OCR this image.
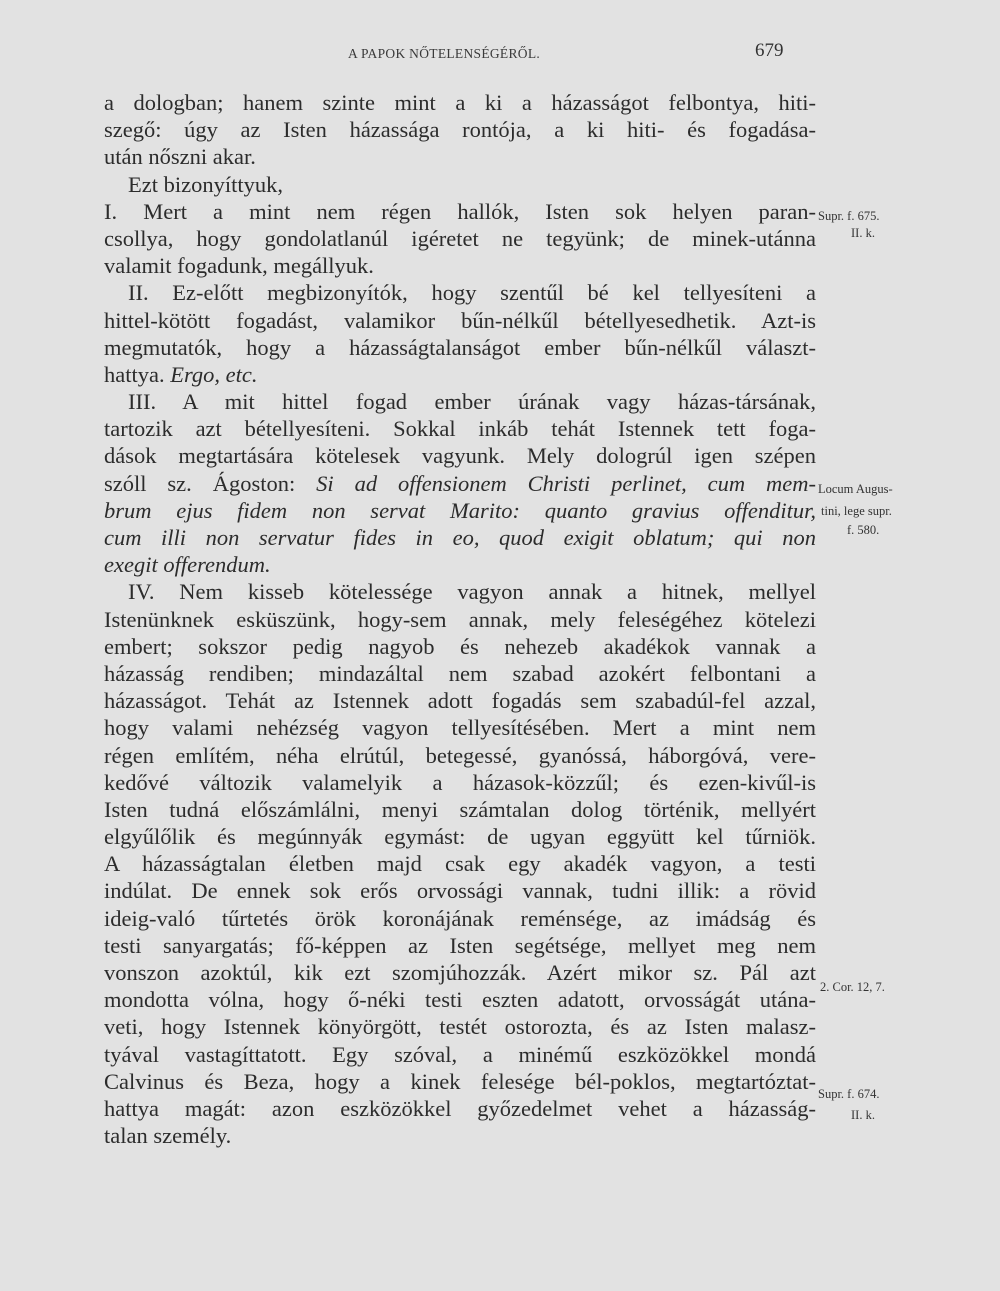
A PAPOK NŐTELENSÉGÉRŐL.	679
a dologban; hanem szinte mint a ki a házasságot felbontya, hiti-
szegő: úgy az Isten házassága rontója, a ki hiti- és fogadása-
után nőszni akar.
Ezt bizonyíttyuk,
I. Mert a mint nem régen hallók, Isten sok helyen paran-
csollya, hogy gondolatlanúl igéretet ne tegyünk; de minek-utánna
valamit fogadunk, megállyuk.
II. Ez-előtt megbizonyítók, hogy szentűl bé kel tellyesíteni a
hittel-kötött fogadást, valamikor bűn-nélkűl bétellyesedhetik. Azt-is
megmutatók, hogy a házasságtalanságot ember bűn-nélkűl választ-
hattya. Ergo, etc.
III. A mit hittel fogad ember úrának vagy házas-társának,
tartozik azt bétellyesíteni. Sokkal inkáb tehát Istennek tett foga-
dások megtartására kötelesek vagyunk. Mely dologrúl igen szépen
szóll sz. Ágoston: Si ad offensionem Christi perlinet, cum mem-
brum ejus fidem non servat Marito: quanto gravius offenditur,
cum illi non servatur fides in eo, quod exigit oblatum; qui non
exegit offerendum.
IV. Nem kisseb kötelessége vagyon annak a hitnek, mellyel
Istenünknek esküszünk, hogy-sem annak, mely feleségéhez kötelezi
embert; sokszor pedig nagyob és nehezeb akadékok vannak a
házasság rendiben; mindazáltal nem szabad azokért felbontani a
házasságot. Tehát az Istennek adott fogadás sem szabadúl-fel azzal,
hogy valami nehézség vagyon tellyesítésében. Mert a mint nem
régen említém, néha elrútúl, betegessé, gyanóssá, háborgóvá, vere-
kedővé változik valamelyik a házasok-közzűl; és ezen-kivűl-is
Isten tudná előszámlálni, menyi számtalan dolog történik, mellyért
elgyűlőlik és megúnnyák egymást: de ugyan eggyütt kel tűrniök.
A házasságtalan életben majd csak egy akadék vagyon, a testi
indúlat. De ennek sok erős orvossági vannak, tudni illik: a rövid
ideig-való tűrtetés örök koronájának reménsége, az imádság és
testi sanyargatás; fő-képpen az Isten segétsége, mellyet meg nem
vonszon azoktúl, kik ezt szomjúhozzák. Azért mikor sz. Pál azt
mondotta vólna, hogy ő-néki testi eszten adatott, orvosságát utána-
veti, hogy Istennek könyörgött, testét ostorozta, és az Isten malasz-
tyával vastagíttatott. Egy szóval, a minémű eszközökkel mondá
Calvinus és Beza, hogy a kinek felesége bél-poklos, megtartóztat-
hattya magát: azon eszközökkel győzedelmet vehet a házasság-
talan személy.
Supr. f. 675.
II. k.
Locum Augus-
tini, lege supr.
f. 580.
2. Cor. 12, 7.
Supr. f. 674.
II. k.
